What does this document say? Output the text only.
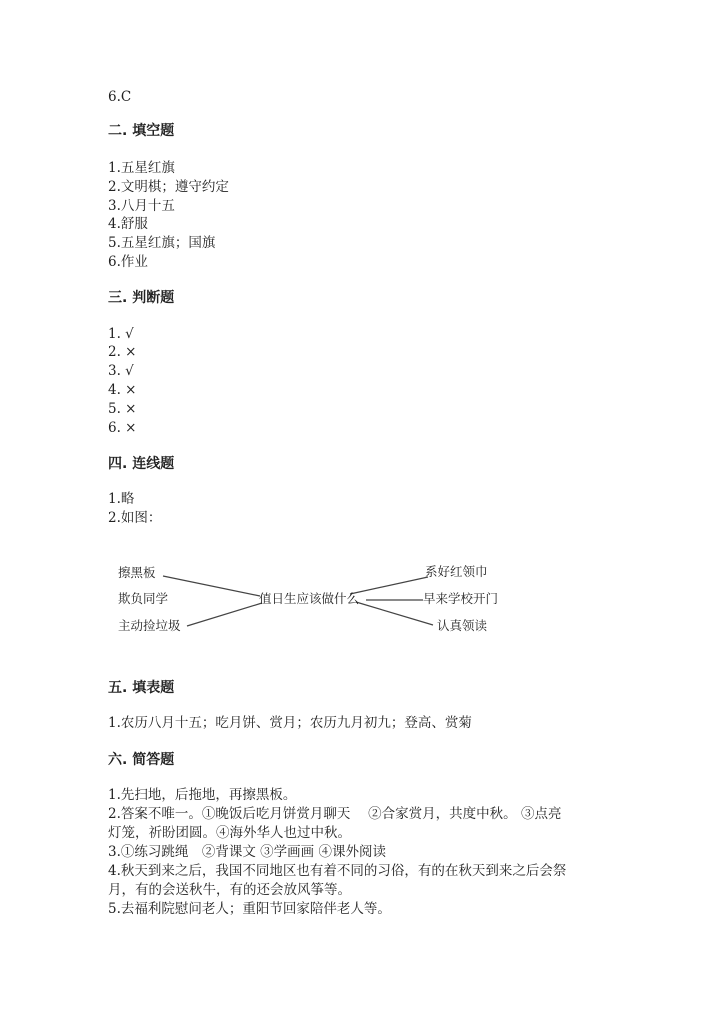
6.C
二. 填空题
1.五星红旗
2.文明棋；遵守约定
3.八月十五
4.舒服
5.五星红旗；国旗
6.作业
三. 判断题
1. √
2. ×
3. √
4. ×
5. ×
6. ×
四. 连线题
1.略
2.如图：
擦黑板
欺负同学
主动捡垃圾
值日生应该做什么
系好红领巾
早来学校开门
认真领读
五. 填表题
1.农历八月十五；吃月饼、赏月；农历九月初九；登高、赏菊
六. 简答题
1.先扫地，后拖地，再擦黑板。
2.答案不唯一。①晚饭后吃月饼赏月聊天　 ②合家赏月，共度中秋。 ③点亮
灯笼，祈盼团圆。④海外华人也过中秋。
3.①练习跳绳　②背课文 ③学画画 ④课外阅读
4.秋天到来之后，我国不同地区也有着不同的习俗，有的在秋天到来之后会祭
月，有的会送秋牛，有的还会放风筝等。
5.去福利院慰问老人；重阳节回家陪伴老人等。
